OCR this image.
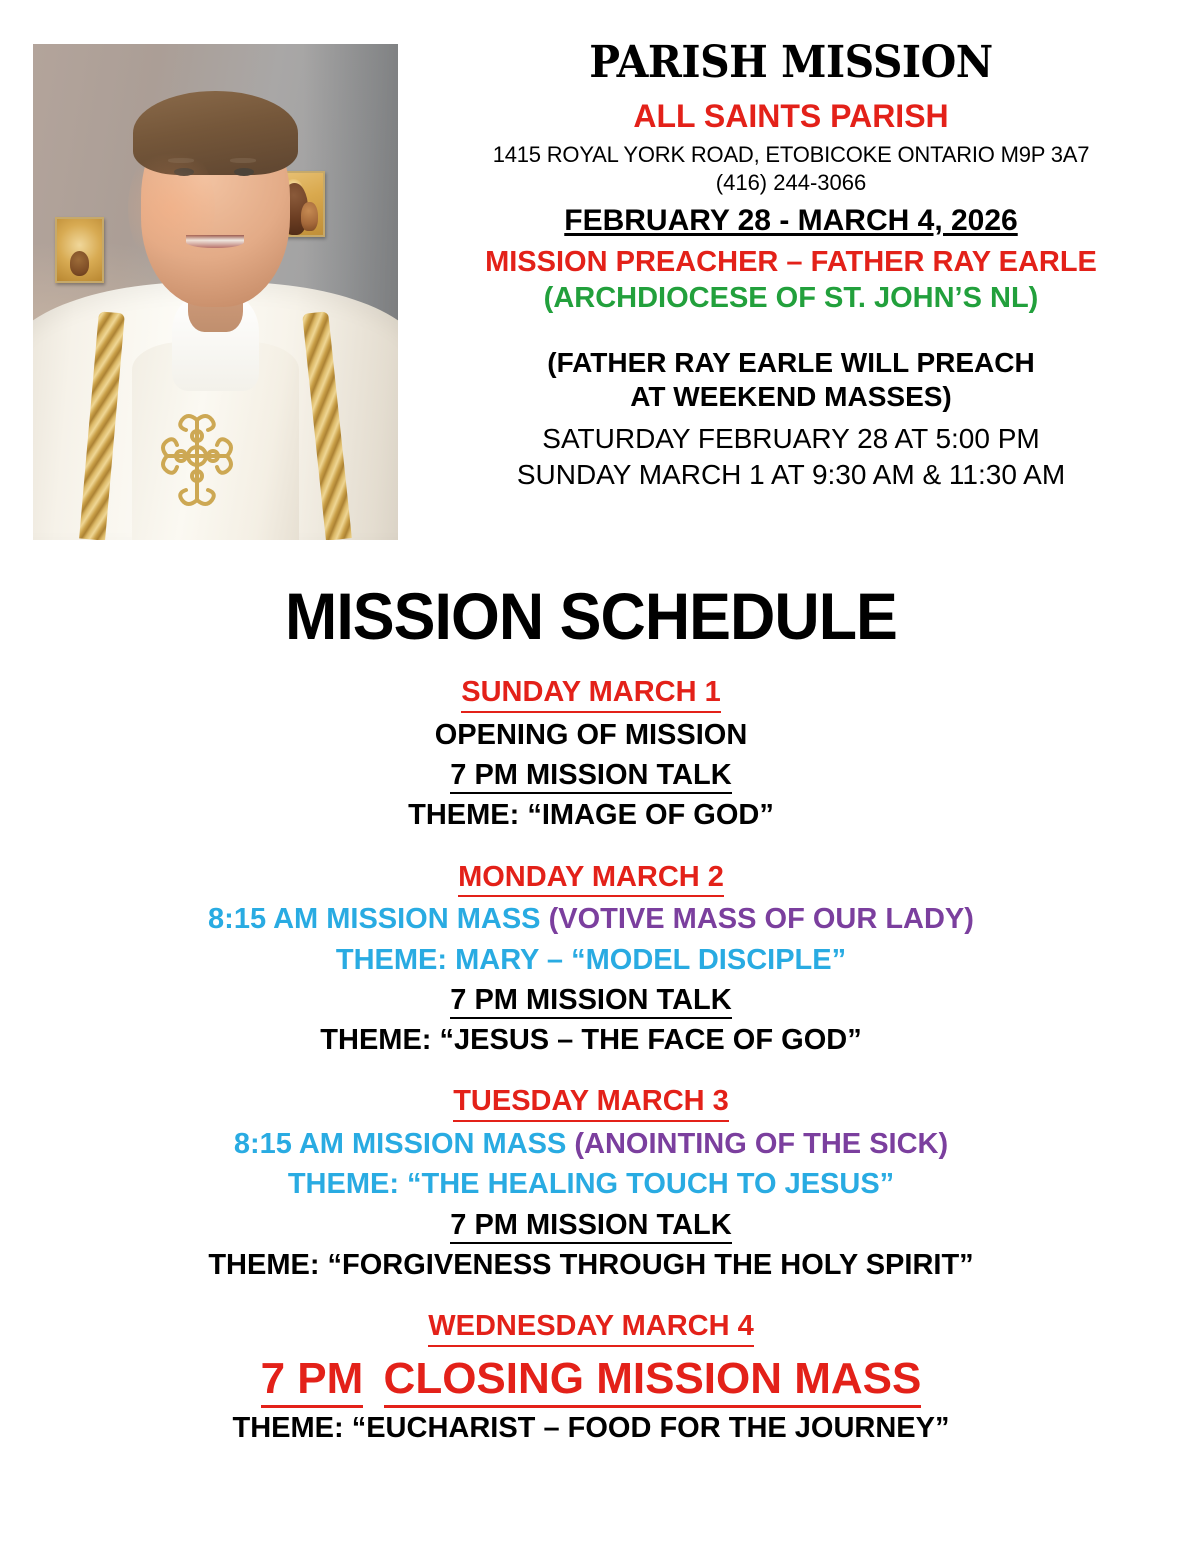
PARISH MISSION
ALL SAINTS PARISH
1415 ROYAL YORK ROAD, ETOBICOKE ONTARIO M9P 3A7
(416) 244-3066
FEBRUARY 28 - MARCH 4, 2026
MISSION PREACHER – FATHER RAY EARLE
(ARCHDIOCESE OF ST. JOHN’S NL)
(FATHER RAY EARLE WILL PREACH
AT WEEKEND MASSES)
SATURDAY FEBRUARY 28 AT 5:00 PM
SUNDAY MARCH 1 AT 9:30 AM & 11:30 AM
MISSION SCHEDULE
SUNDAY MARCH 1
OPENING OF MISSION
7 PM MISSION TALK
THEME: “IMAGE OF GOD”
MONDAY MARCH 2
8:15 AM MISSION MASS (VOTIVE MASS OF OUR LADY)
THEME: MARY – “MODEL DISCIPLE”
7 PM MISSION TALK
THEME: “JESUS – THE FACE OF GOD”
TUESDAY MARCH 3
8:15 AM MISSION MASS (ANOINTING OF THE SICK)
THEME: “THE HEALING TOUCH TO JESUS”
7 PM MISSION TALK
THEME: “FORGIVENESS THROUGH THE HOLY SPIRIT”
WEDNESDAY MARCH 4
7 PM CLOSING MISSION MASS
THEME: “EUCHARIST – FOOD FOR THE JOURNEY”
